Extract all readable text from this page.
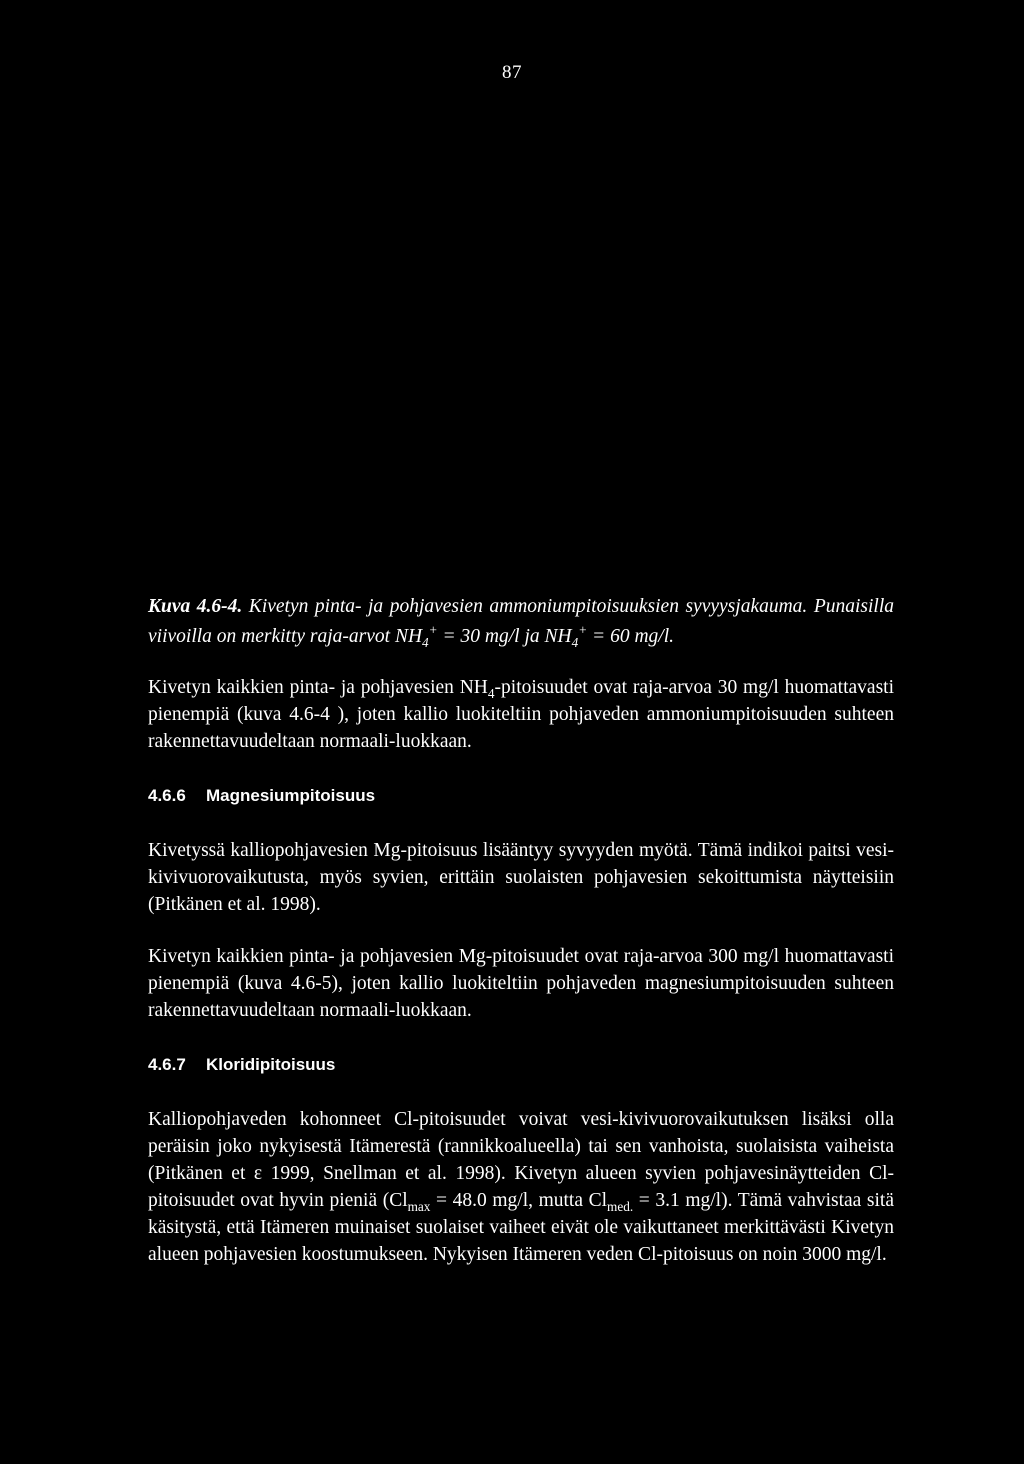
87

Kuva 4.6-4. Kivetyn pinta- ja pohjavesien ammoniumpitoisuuksien syvyysjakauma. Punaisilla viivoilla on merkitty raja-arvot $NH_4^+ = 30$ mg/l ja $NH_4^+ = 60$ mg/l.

Kivetyn kaikkien pinta- ja pohjavesien $NH_4$-pitoisuudet ovat raja-arvoa 30 mg/l huomattavasti pienempiä (kuva 4.6-4 ), joten kallio luokiteltiin pohjaveden ammoniumpitoisuuden suhteen rakennettavuudeltaan normaali-luokkaan.

4.6.6 Magnesiumpitoisuus

Kivetyssä kalliopohjavesien Mg-pitoisuus lisääntyy syvyyden myötä. Tämä indikoi paitsi vesi-kivivuorovaikutusta, myös syvien, erittäin suolaisten pohjavesien sekoittumista näytteisiin (Pitkänen et al. 1998).

Kivetyn kaikkien pinta- ja pohjavesien Mg-pitoisuudet ovat raja-arvoa 300 mg/l huomattavasti pienempiä (kuva 4.6-5), joten kallio luokiteltiin pohjaveden magnesiumpitoisuuden suhteen rakennettavuudeltaan normaali-luokkaan.

4.6.7 Kloridipitoisuus

Kalliopohjaveden kohonneet Cl-pitoisuudet voivat vesi-kivivuorovaikutuksen lisäksi olla peräisin joko nykyisestä Itämerestä (rannikkoalueella) tai sen vanhoista, suolaisista vaiheista (Pitkänen et ε 1999, Snellman et al. 1998). Kivetyn alueen syvien pohjavesinäytteiden Cl-pitoisuudet ovat hyvin pieniä ($Cl_{max} = 48.0$ mg/l, mutta $Cl_{med.} = 3.1$ mg/l). Tämä vahvistaa sitä käsitystä, että Itämeren muinaiset suolaiset vaiheet eivät ole vaikuttaneet merkittävästi Kivetyn alueen pohjavesien koostumukseen. Nykyisen Itämeren veden Cl-pitoisuus on noin 3000 mg/l.
